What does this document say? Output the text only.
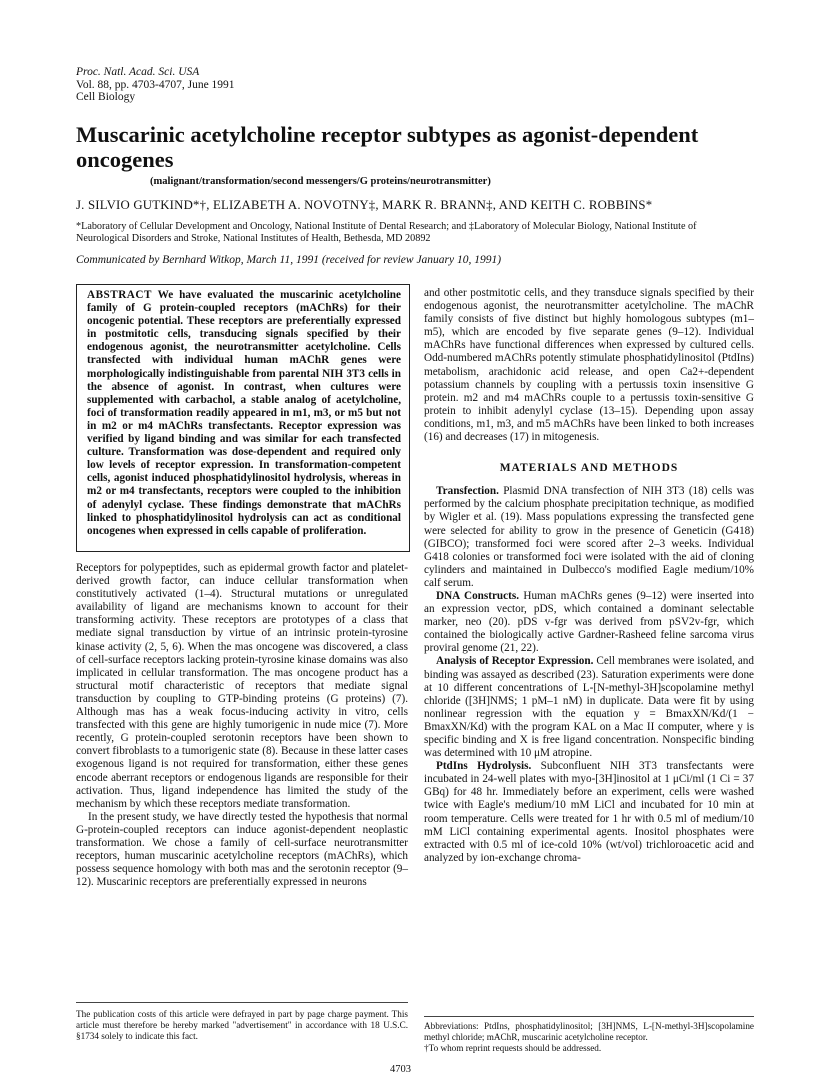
Proc. Natl. Acad. Sci. USA
Vol. 88, pp. 4703-4707, June 1991
Cell Biology
Muscarinic acetylcholine receptor subtypes as agonist-dependent oncogenes
(malignant/transformation/second messengers/G proteins/neurotransmitter)
J. SILVIO GUTKIND*†, ELIZABETH A. NOVOTNY‡, MARK R. BRANN‡, AND KEITH C. ROBBINS*
*Laboratory of Cellular Development and Oncology, National Institute of Dental Research; and ‡Laboratory of Molecular Biology, National Institute of Neurological Disorders and Stroke, National Institutes of Health, Bethesda, MD 20892
Communicated by Bernhard Witkop, March 11, 1991 (received for review January 10, 1991)
ABSTRACT We have evaluated the muscarinic acetylcholine family of G protein-coupled receptors (mAChRs) for their oncogenic potential. These receptors are preferentially expressed in postmitotic cells, transducing signals specified by their endogenous agonist, the neurotransmitter acetylcholine. Cells transfected with individual human mAChR genes were morphologically indistinguishable from parental NIH 3T3 cells in the absence of agonist. In contrast, when cultures were supplemented with carbachol, a stable analog of acetylcholine, foci of transformation readily appeared in m1, m3, or m5 but not in m2 or m4 mAChRs transfectants. Receptor expression was verified by ligand binding and was similar for each transfected culture. Transformation was dose-dependent and required only low levels of receptor expression. In transformation-competent cells, agonist induced phosphatidylinositol hydrolysis, whereas in m2 or m4 transfectants, receptors were coupled to the inhibition of adenylyl cyclase. These findings demonstrate that mAChRs linked to phosphatidylinositol hydrolysis can act as conditional oncogenes when expressed in cells capable of proliferation.

Receptors for polypeptides, such as epidermal growth factor and platelet-derived growth factor, can induce cellular transformation when constitutively activated (1–4). Structural mutations or unregulated availability of ligand are mechanisms known to account for their transforming activity. These receptors are prototypes of a class that mediate signal transduction by virtue of an intrinsic protein-tyrosine kinase activity (2, 5, 6). When the mas oncogene was discovered, a class of cell-surface receptors lacking protein-tyrosine kinase domains was also implicated in cellular transformation. The mas oncogene product has a structural motif characteristic of receptors that mediate signal transduction by coupling to GTP-binding proteins (G proteins) (7). Although mas has a weak focus-inducing activity in vitro, cells transfected with this gene are highly tumorigenic in nude mice (7). More recently, G protein-coupled serotonin receptors have been shown to convert fibroblasts to a tumorigenic state (8). Because in these latter cases exogenous ligand is not required for transformation, either these genes encode aberrant receptors or endogenous ligands are responsible for their activation. Thus, ligand independence has limited the study of the mechanism by which these receptors mediate transformation.

In the present study, we have directly tested the hypothesis that normal G-protein-coupled receptors can induce agonist-dependent neoplastic transformation. We chose a family of cell-surface neurotransmitter receptors, human muscarinic acetylcholine receptors (mAChRs), which possess sequence homology with both mas and the serotonin receptor (9–12). Muscarinic receptors are preferentially expressed in neurons

and other postmitotic cells, and they transduce signals specified by their endogenous agonist, the neurotransmitter acetylcholine. The mAChR family consists of five distinct but highly homologous subtypes (m1–m5), which are encoded by five separate genes (9–12). Individual mAChRs have functional differences when expressed by cultured cells. Odd-numbered mAChRs potently stimulate phosphatidylinositol (PtdIns) metabolism, arachidonic acid release, and open Ca2+-dependent potassium channels by coupling with a pertussis toxin insensitive G protein. m2 and m4 mAChRs couple to a pertussis toxin-sensitive G protein to inhibit adenylyl cyclase (13–15). Depending upon assay conditions, m1, m3, and m5 mAChRs have been linked to both increases (16) and decreases (17) in mitogenesis.

MATERIALS AND METHODS

Transfection. Plasmid DNA transfection of NIH 3T3 (18) cells was performed by the calcium phosphate precipitation technique, as modified by Wigler et al. (19). Mass populations expressing the transfected gene were selected for ability to grow in the presence of Geneticin (G418) (GIBCO); transformed foci were scored after 2–3 weeks. Individual G418 colonies or transformed foci were isolated with the aid of cloning cylinders and maintained in Dulbecco's modified Eagle medium/10% calf serum.

DNA Constructs. Human mAChRs genes (9–12) were inserted into an expression vector, pDS, which contained a dominant selectable marker, neo (20). pDS v-fgr was derived from pSV2v-fgr, which contained the biologically active Gardner-Rasheed feline sarcoma virus proviral genome (21, 22).

Analysis of Receptor Expression. Cell membranes were isolated, and binding was assayed as described (23). Saturation experiments were done at 10 different concentrations of L-[N-methyl-3H]scopolamine methyl chloride ([3H]NMS; 1 pM–1 nM) in duplicate. Data were fit by using nonlinear regression with the equation y = BmaxXN/Kd/(1 − BmaxXN/Kd) with the program KAL on a Mac II computer, where y is specific binding and X is free ligand concentration. Nonspecific binding was determined with 10 μM atropine.

PtdIns Hydrolysis. Subconfluent NIH 3T3 transfectants were incubated in 24-well plates with myo-[3H]inositol at 1 μCi/ml (1 Ci = 37 GBq) for 48 hr. Immediately before an experiment, cells were washed twice with Eagle's medium/10 mM LiCl and incubated for 10 min at room temperature. Cells were treated for 1 hr with 0.5 ml of medium/10 mM LiCl containing experimental agents. Inositol phosphates were extracted with 0.5 ml of ice-cold 10% (wt/vol) trichloroacetic acid and analyzed by ion-exchange chroma-

The publication costs of this article were defrayed in part by page charge payment. This article must therefore be hereby marked "advertisement" in accordance with 18 U.S.C. §1734 solely to indicate this fact.

Abbreviations: PtdIns, phosphatidylinositol; [3H]NMS, L-[N-methyl-3H]scopolamine methyl chloride; mAChR, muscarinic acetylcholine receptor.

†To whom reprint requests should be addressed.

4703
